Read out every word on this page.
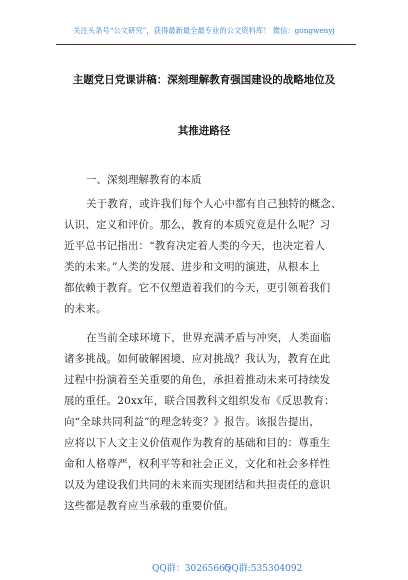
关注头条号“公文研究”，获得最新最全最专业的公文资料库！ 微信：gongwenyj
主题党日党课讲稿：深刻理解教育强国建设的战略地位及
其推进路径
一、深刻理解教育的本质
关于教育，或许我们每个人心中都有自己独特的概念、
认识、定义和评价。那么，教育的本质究竟是什么呢？习
近平总书记指出：“教育决定着人类的今天，也决定着人
类的未来。”人类的发展、进步和文明的演进，从根本上
都依赖于教育。它不仅塑造着我们的今天，更引领着我们
的未来。
在当前全球环境下，世界充满矛盾与冲突，人类面临
诸多挑战。如何破解困境、应对挑战？我认为，教育在此
过程中扮演着至关重要的角色，承担着推动未来可持续发
展的重任。20xx年，联合国教科文组织发布《反思教育：
向“全球共同利益”的理念转变？》报告。该报告提出，
应将以下人文主义价值观作为教育的基础和目的：尊重生
命和人格尊严，权利平等和社会正义，文化和社会多样性
以及为建设我们共同的未来而实现团结和共担责任的意识
这些都是教育应当承载的重要价值。
QQ群：30265665
QQ群:535304092
